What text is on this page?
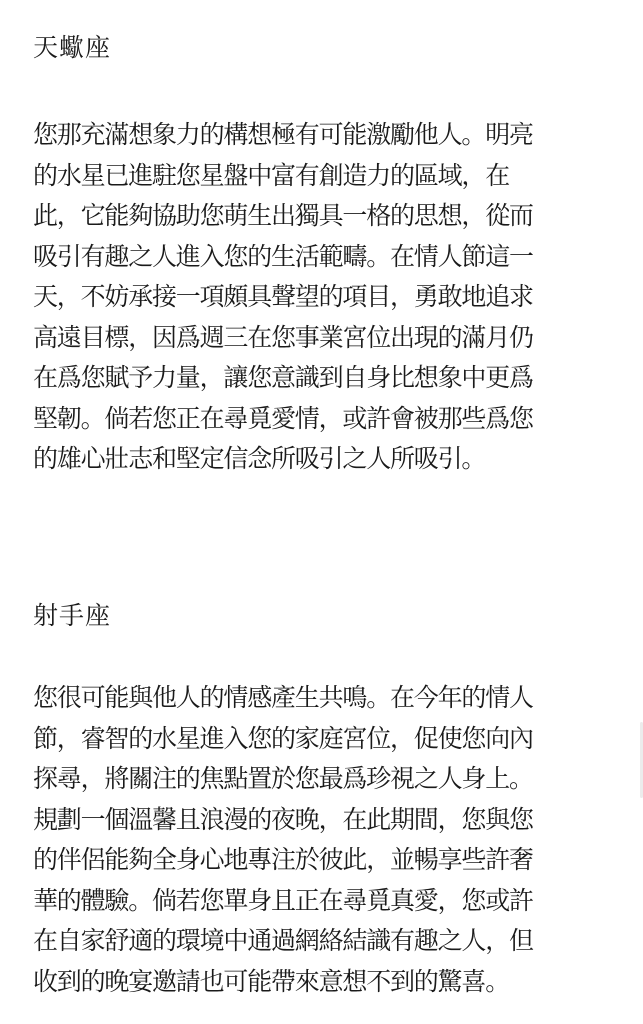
天蠍座
您那充滿想象力的構想極有可能激勵他人。明亮
的水星已進駐您星盤中富有創造力的區域，在
此，它能夠協助您萌生出獨具一格的思想，從而
吸引有趣之人進入您的生活範疇。在情人節這一
天，不妨承接一項頗具聲望的項目，勇敢地追求
高遠目標，因爲週三在您事業宮位出現的滿月仍
在爲您賦予力量，讓您意識到自身比想象中更爲
堅韌。倘若您正在尋覓愛情，或許會被那些爲您
的雄心壯志和堅定信念所吸引之人所吸引。
射手座
您很可能與他人的情感產生共鳴。在今年的情人
節，睿智的水星進入您的家庭宮位，促使您向內
探尋，將關注的焦點置於您最爲珍視之人身上。
規劃一個溫馨且浪漫的夜晚，在此期間，您與您
的伴侶能夠全身心地專注於彼此，並暢享些許奢
華的體驗。倘若您單身且正在尋覓真愛，您或許
在自家舒適的環境中通過網絡結識有趣之人，但
收到的晚宴邀請也可能帶來意想不到的驚喜。
